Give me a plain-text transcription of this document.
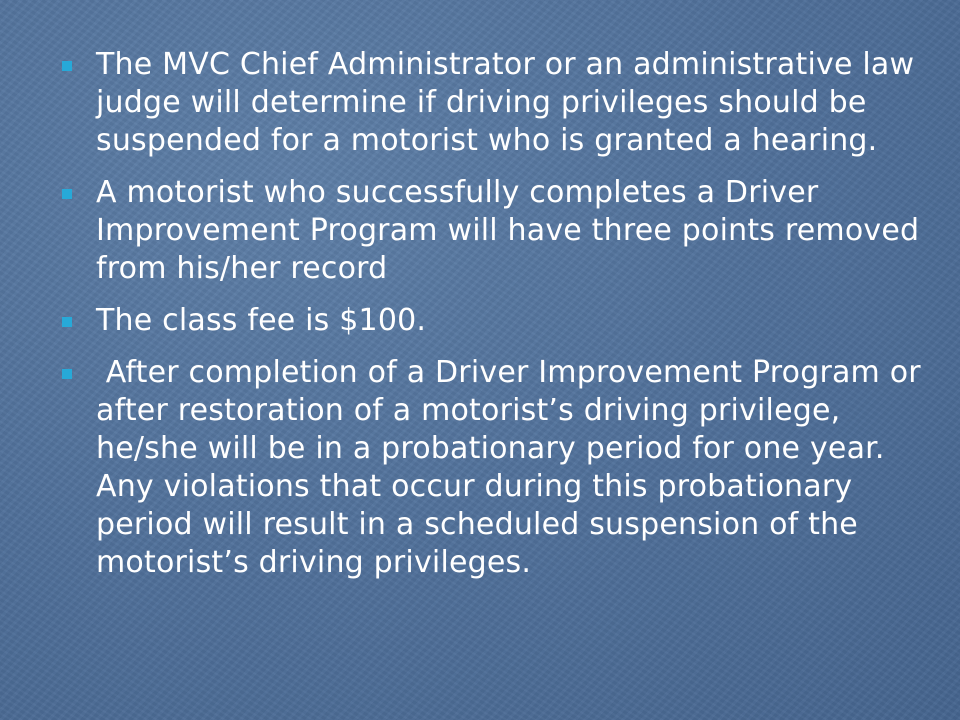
The MVC Chief Administrator or an administrative law judge will determine if driving privileges should be suspended for a motorist who is granted a hearing.
A motorist who successfully completes a Driver Improvement Program will have three points removed from his/her record
The class fee is $100.
After completion of a Driver Improvement Program or after restoration of a motorist’s driving privilege, he/she will be in a probationary period for one year. Any violations that occur during this probationary period will result in a scheduled suspension of the motorist’s driving privileges.
